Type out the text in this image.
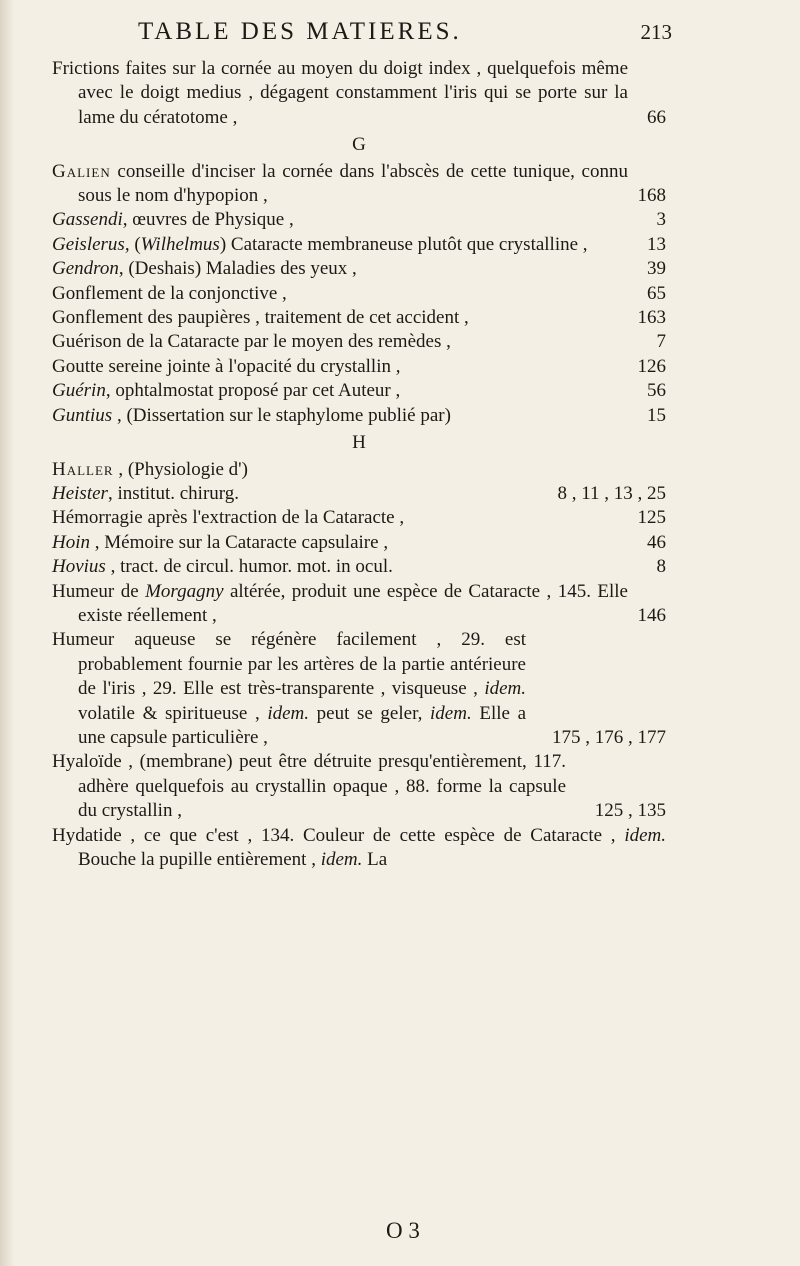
TABLE DES MATIERES.	213
Frictions faites sur la cornée au moyen du doigt index , quelquefois même avec le doigt medius , dégagent constamment l'iris qui se porte sur la lame du cératotome ,	66
G
Galien conseille d'inciser la cornée dans l'abscès de cette tunique, connu sous le nom d'hypopion ,	168
Gassendi, œuvres de Physique ,	3
Geislerus, (Wilhelmus) Cataracte membraneuse plutôt que crystalline ,	13
Gendron, (Deshais) Maladies des yeux ,	39
Gonflement de la conjonctive ,	65
Gonflement des paupières , traitement de cet accident ,	163
Guérison de la Cataracte par le moyen des remèdes ,	7
Goutte sereine jointe à l'opacité du crystallin ,	126
Guérin, ophtalmostat proposé par cet Auteur ,	56
Guntius , (Dissertation sur le staphylome publié par)	15
H
Haller , (Physiologie d')
Heister, institut. chirurg.	8 , 11 , 13 , 25
Hémorragie après l'extraction de la Cataracte ,	125
Hoin , Mémoire sur la Cataracte capsulaire ,	46
Hovius , tract. de circul. humor. mot. in ocul.	8
Humeur de Morgagny altérée, produit une espèce de Cataracte , 145. Elle existe réellement ,	146
Humeur aqueuse se régénère facilement , 29. est probablement fournie par les artères de la partie antérieure de l'iris , 29. Elle est très-transparente , visqueuse , idem. volatile & spiritueuse , idem. peut se geler, idem. Elle a une capsule particulière ,	175 , 176 , 177
Hyaloïde , (membrane) peut être détruite presqu'entièrement, 117. adhère quelquefois au crystallin opaque , 88. forme la capsule du crystallin ,	125 , 135
Hydatide , ce que c'est , 134. Couleur de cette espèce de Cataracte , idem. Bouche la pupille entièrement , idem. La
O 3
